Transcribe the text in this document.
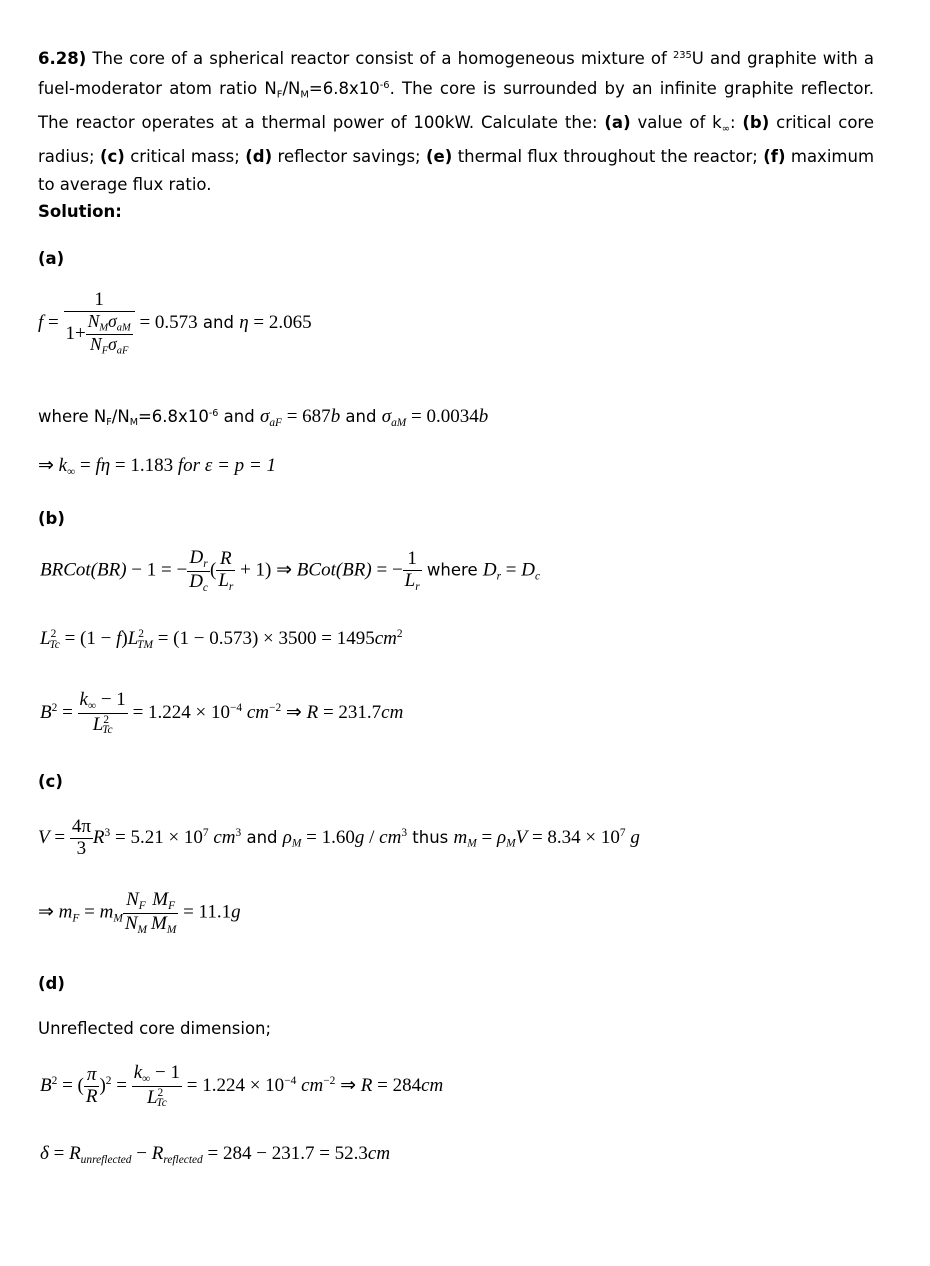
6.28) The core of a spherical reactor consist of a homogeneous mixture of $^{235}$U and graphite with a fuel-moderator atom ratio $N_F/N_M=6.8x10^{-6}$. The core is surrounded by an infinite graphite reflector. The reactor operates at a thermal power of 100kW. Calculate the: (a) value of $k_\infty$: (b) critical core radius; (c) critical mass; (d) reflector savings; (e) thermal flux throughout the reactor; (f) maximum to average flux ratio.
Solution:
(a)
$f = \frac{1}{1+ \frac{N_M\sigma_{aM}}{N_F\sigma_{aF}}} = 0.573$ and η = 2.065
where $N_F/N_M=6.8x10^{-6}$ and $\sigma_{aF} = 687b$ and $\sigma_{aM} = 0.0034b$
⇒ $k_\infty = f\eta = 1.183$ for ε = p = 1
(b)
BRCot(BR) − 1 = − $\frac{D_r}{D_c}$ ( $\frac{R}{L_r} + 1$) ⇒ BCot(BR) = − $\frac{1}{L_r}$ where $D_r = D_c$
$L^2_{Tc} = (1 - f)L^2_{TM} = (1 - 0.573) \times 3500 = 1495cm^2$
$B^2 = \frac{k_\infty - 1}{L^2_{Tc}} = 1.224 \times 10^{-4}$ $cm^{-2}$ ⇒ R = 231.7cm
(c)
$V = \frac{4\pi}{3} R^3 = 5.21 \times 10^7$ $cm^3$ and $\rho_M = 1.60g / cm^3$ thus $m_M = \rho_MV = 8.34 \times 10^7$ g
⇒ $m_F = m_M \frac{N_F}{N_M} \frac{M_F}{M_M} = 11.1g$
(d)
Unreflected core dimension;
$B^2$ = ( $\frac{\pi}{R} )^2 = \frac{k_\infty - 1}{L^2_{Tc}} = 1.224 \times 10^{-4}$ $cm^{-2}$ ⇒ R = 284cm
$\delta = R_{unreflected} - R_{reflected} = 284 - 231.7 = 52.3cm$
